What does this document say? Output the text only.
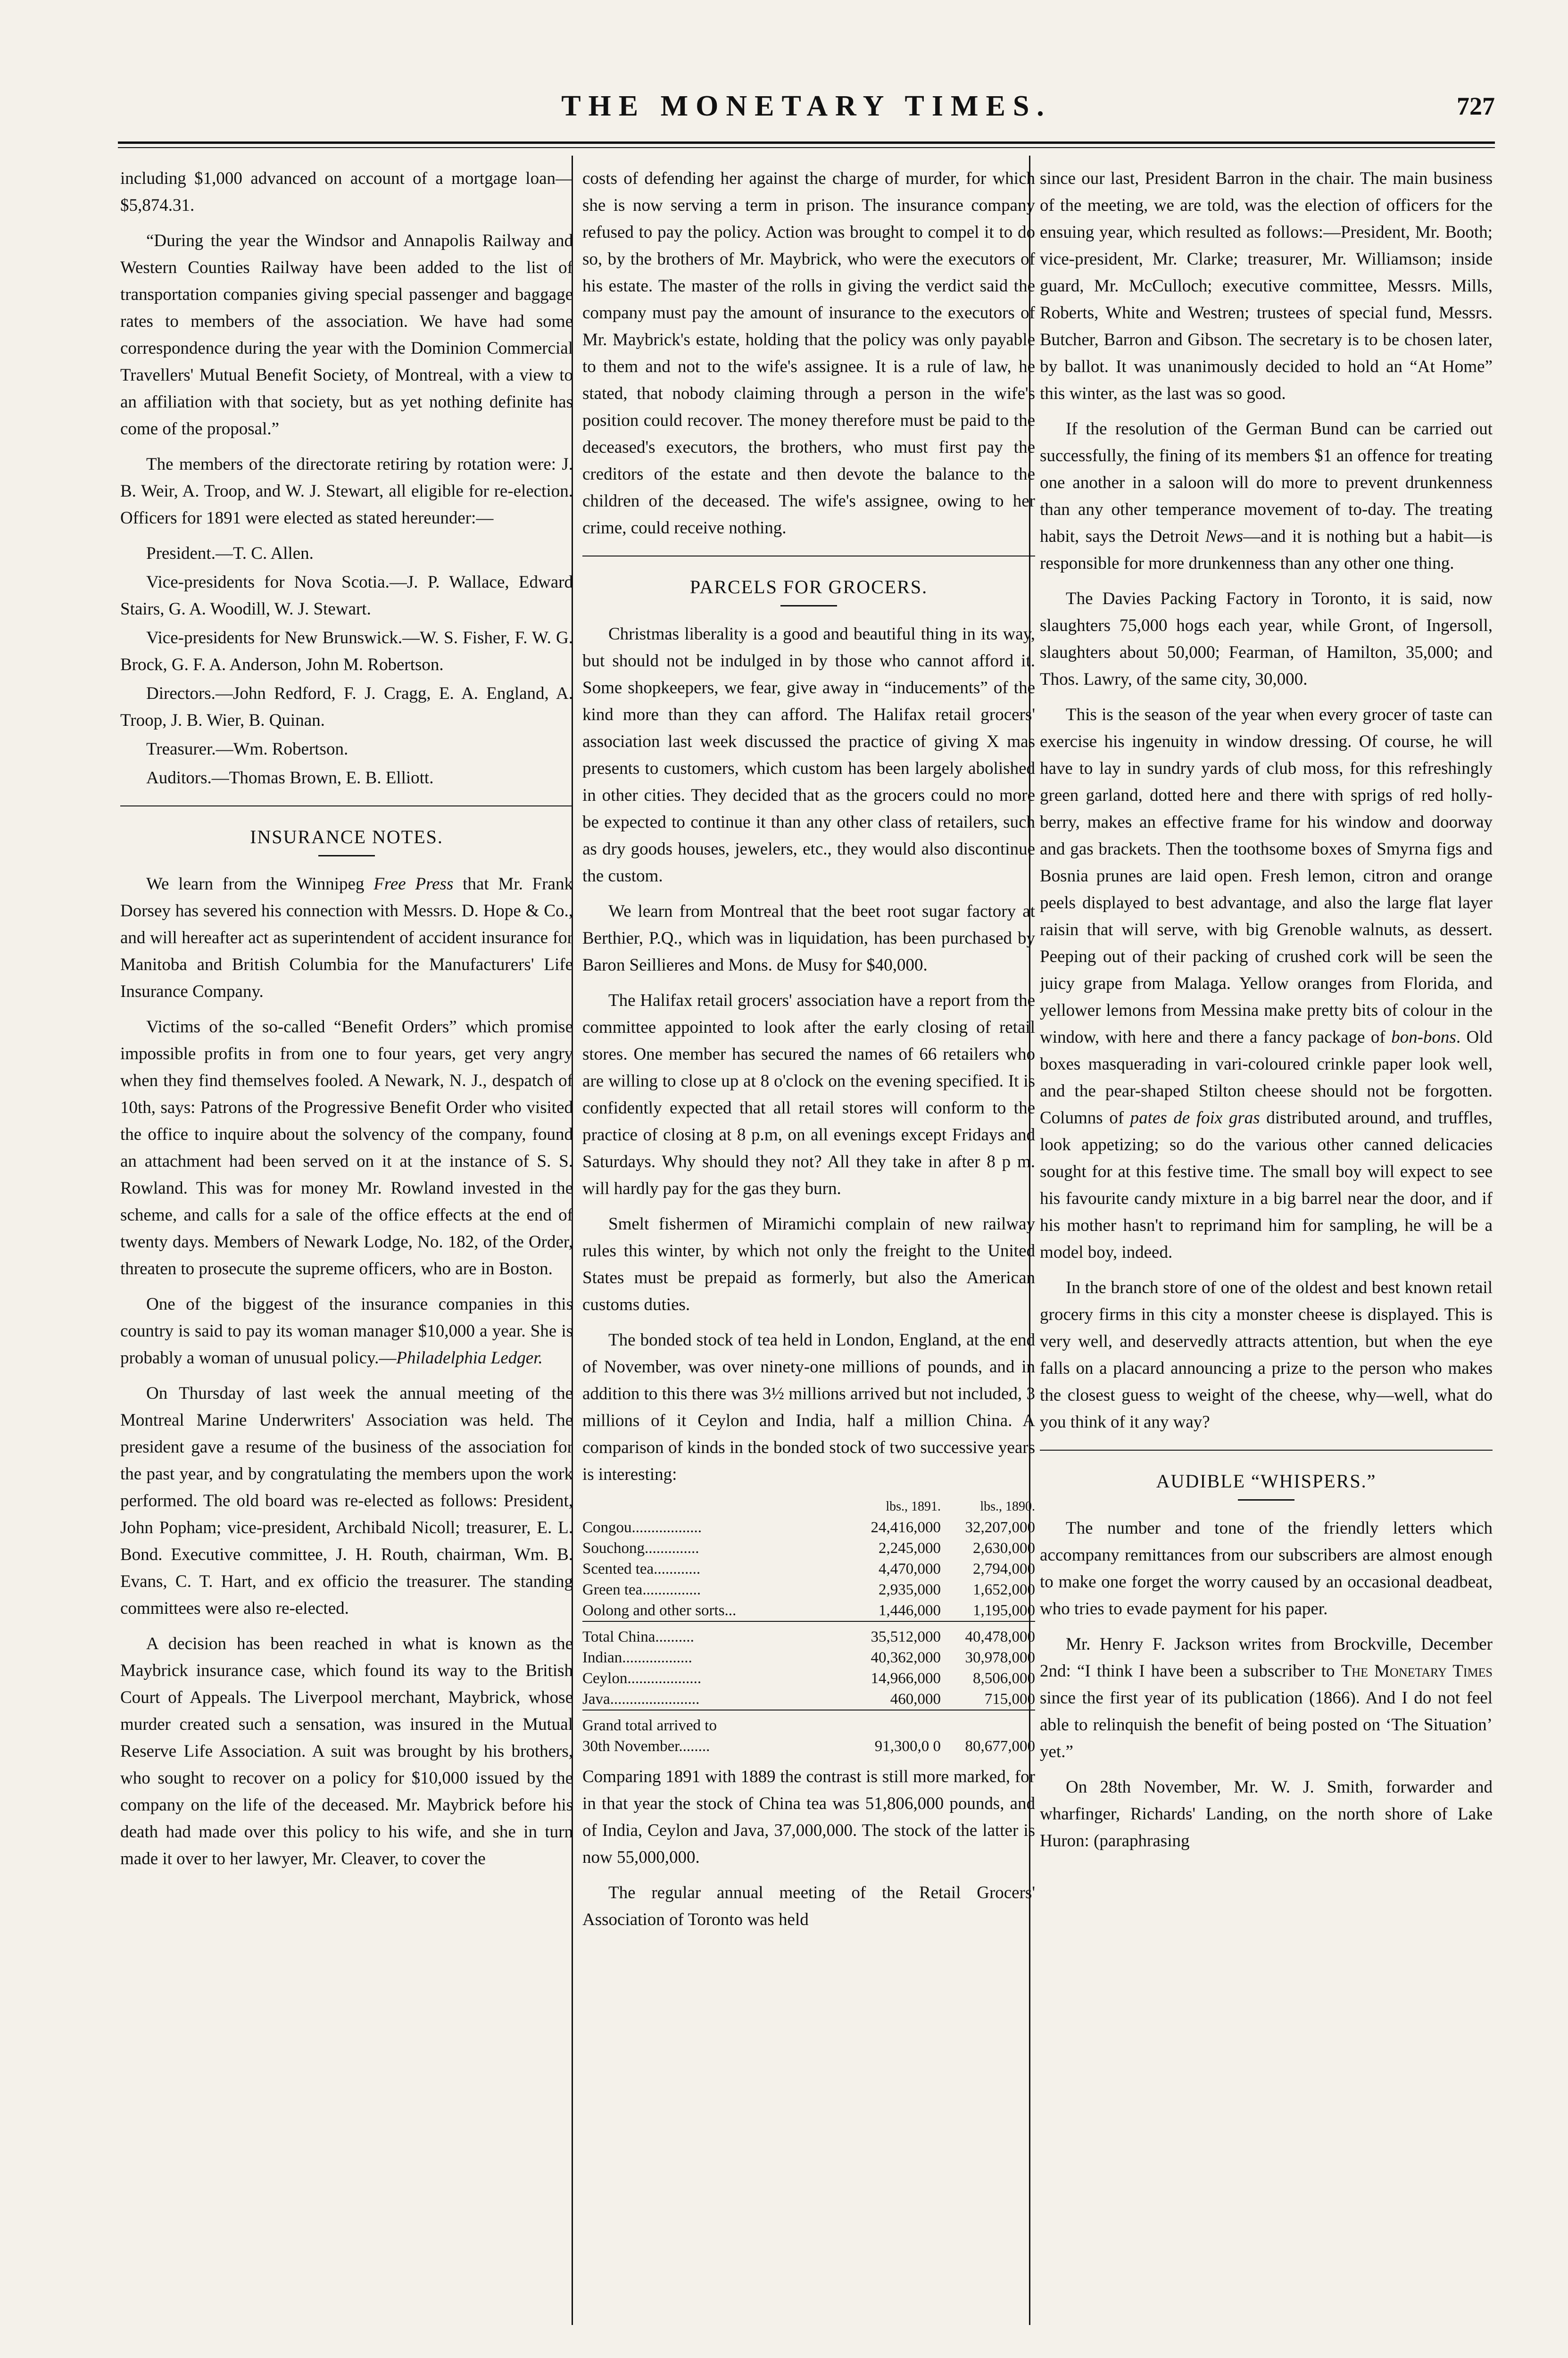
THE MONETARY TIMES.	727

including $1,000 advanced on account of a mortgage loan—$5,874.31.

“During the year the Windsor and Annapolis Railway and Western Counties Railway have been added to the list of transportation companies giving special passenger and baggage rates to members of the association. We have had some correspondence during the year with the Dominion Commercial Travellers' Mutual Benefit Society, of Montreal, with a view to an affiliation with that society, but as yet nothing definite has come of the proposal.”

The members of the directorate retiring by rotation were: J. B. Weir, A. Troop, and W. J. Stewart, all eligible for re-election. Officers for 1891 were elected as stated hereunder:—

President.—T. C. Allen.

Vice-presidents for Nova Scotia.—J. P. Wallace, Edward Stairs, G. A. Woodill, W. J. Stewart.

Vice-presidents for New Brunswick.—W. S. Fisher, F. W. G. Brock, G. F. A. Anderson, John M. Robertson.

Directors.—John Redford, F. J. Cragg, E. A. England, A. Troop, J. B. Wier, B. Quinan.

Treasurer.—Wm. Robertson.

Auditors.—Thomas Brown, E. B. Elliott.

INSURANCE NOTES.

We learn from the Winnipeg Free Press that Mr. Frank Dorsey has severed his connection with Messrs. D. Hope & Co., and will hereafter act as superintendent of accident insurance for Manitoba and British Columbia for the Manufacturers' Life Insurance Company.

Victims of the so-called “Benefit Orders” which promise impossible profits in from one to four years, get very angry when they find themselves fooled. A Newark, N. J., despatch of 10th, says: Patrons of the Progressive Benefit Order who visited the office to inquire about the solvency of the company, found an attachment had been served on it at the instance of S. S. Rowland. This was for money Mr. Rowland invested in the scheme, and calls for a sale of the office effects at the end of twenty days. Members of Newark Lodge, No. 182, of the Order, threaten to prosecute the supreme officers, who are in Boston.

One of the biggest of the insurance companies in this country is said to pay its woman manager $10,000 a year. She is probably a woman of unusual policy.—Philadelphia Ledger.

On Thursday of last week the annual meeting of the Montreal Marine Underwriters' Association was held. The president gave a resume of the business of the association for the past year, and by congratulating the members upon the work performed. The old board was re-elected as follows: President, John Popham; vice-president, Archibald Nicoll; treasurer, E. L. Bond. Executive committee, J. H. Routh, chairman, Wm. B. Evans, C. T. Hart, and ex officio the treasurer. The standing committees were also re-elected.

A decision has been reached in what is known as the Maybrick insurance case, which found its way to the British Court of Appeals. The Liverpool merchant, Maybrick, whose murder created such a sensation, was insured in the Mutual Reserve Life Association. A suit was brought by his brothers, who sought to recover on a policy for $10,000 issued by the company on the life of the deceased. Mr. Maybrick before his death had made over this policy to his wife, and she in turn made it over to her lawyer, Mr. Cleaver, to cover the

costs of defending her against the charge of murder, for which she is now serving a term in prison. The insurance company refused to pay the policy. Action was brought to compel it to do so, by the brothers of Mr. Maybrick, who were the executors of his estate. The master of the rolls in giving the verdict said the company must pay the amount of insurance to the executors of Mr. Maybrick's estate, holding that the policy was only payable to them and not to the wife's assignee. It is a rule of law, he stated, that nobody claiming through a person in the wife's position could recover. The money therefore must be paid to the deceased's executors, the brothers, who must first pay the creditors of the estate and then devote the balance to the children of the deceased. The wife's assignee, owing to her crime, could receive nothing.

PARCELS FOR GROCERS.

Christmas liberality is a good and beautiful thing in its way, but should not be indulged in by those who cannot afford it. Some shopkeepers, we fear, give away in “inducements” of the kind more than they can afford. The Halifax retail grocers' association last week discussed the practice of giving X mas presents to customers, which custom has been largely abolished in other cities. They decided that as the grocers could no more be expected to continue it than any other class of retailers, such as dry goods houses, jewelers, etc., they would also discontinue the custom.

We learn from Montreal that the beet root sugar factory at Berthier, P.Q., which was in liquidation, has been purchased by Baron Seillieres and Mons. de Musy for $40,000.

The Halifax retail grocers' association have a report from the committee appointed to look after the early closing of retail stores. One member has secured the names of 66 retailers who are willing to close up at 8 o'clock on the evening specified. It is confidently expected that all retail stores will conform to the practice of closing at 8 p.m, on all evenings except Fridays and Saturdays. Why should they not? All they take in after 8 p m. will hardly pay for the gas they burn.

Smelt fishermen of Miramichi complain of new railway rules this winter, by which not only the freight to the United States must be prepaid as formerly, but also the American customs duties.

The bonded stock of tea held in London, England, at the end of November, was over ninety-one millions of pounds, and in addition to this there was 3½ millions arrived but not included, 3 millions of it Ceylon and India, half a million China. A comparison of kinds in the bonded stock of two successive years is interesting:

	lbs., 1891.	lbs., 1890.
Congou..................	24,416,000	32,207,000
Souchong..............	2,245,000	2,630,000
Scented tea............	4,470,000	2,794,000
Green tea...............	2,935,000	1,652,000
Oolong and other sorts...	1,446,000	1,195,000

Total China..........	35,512,000	40,478,000
Indian..................	40,362,000	30,978,000
Ceylon...................	14,966,000	8,506,000
Java.......................	460,000	715,000

Grand total arrived to		
30th November........	91,300,0 0	80,677,000

Comparing 1891 with 1889 the contrast is still more marked, for in that year the stock of China tea was 51,806,000 pounds, and of India, Ceylon and Java, 37,000,000. The stock of the latter is now 55,000,000.

The regular annual meeting of the Retail Grocers' Association of Toronto was held

since our last, President Barron in the chair. The main business of the meeting, we are told, was the election of officers for the ensuing year, which resulted as follows:—President, Mr. Booth; vice-president, Mr. Clarke; treasurer, Mr. Williamson; inside guard, Mr. McCulloch; executive committee, Messrs. Mills, Roberts, White and Westren; trustees of special fund, Messrs. Butcher, Barron and Gibson. The secretary is to be chosen later, by ballot. It was unanimously decided to hold an “At Home” this winter, as the last was so good.

If the resolution of the German Bund can be carried out successfully, the fining of its members $1 an offence for treating one another in a saloon will do more to prevent drunkenness than any other temperance movement of to-day. The treating habit, says the Detroit News—and it is nothing but a habit—is responsible for more drunkenness than any other one thing.

The Davies Packing Factory in Toronto, it is said, now slaughters 75,000 hogs each year, while Gront, of Ingersoll, slaughters about 50,000; Fearman, of Hamilton, 35,000; and Thos. Lawry, of the same city, 30,000.

This is the season of the year when every grocer of taste can exercise his ingenuity in window dressing. Of course, he will have to lay in sundry yards of club moss, for this refreshingly green garland, dotted here and there with sprigs of red holly-berry, makes an effective frame for his window and doorway and gas brackets. Then the toothsome boxes of Smyrna figs and Bosnia prunes are laid open. Fresh lemon, citron and orange peels displayed to best advantage, and also the large flat layer raisin that will serve, with big Grenoble walnuts, as dessert. Peeping out of their packing of crushed cork will be seen the juicy grape from Malaga. Yellow oranges from Florida, and yellower lemons from Messina make pretty bits of colour in the window, with here and there a fancy package of bon-bons. Old boxes masquerading in vari-coloured crinkle paper look well, and the pear-shaped Stilton cheese should not be forgotten. Columns of pates de foix gras distributed around, and truffles, look appetizing; so do the various other canned delicacies sought for at this festive time. The small boy will expect to see his favourite candy mixture in a big barrel near the door, and if his mother hasn't to reprimand him for sampling, he will be a model boy, indeed.

In the branch store of one of the oldest and best known retail grocery firms in this city a monster cheese is displayed. This is very well, and deservedly attracts attention, but when the eye falls on a placard announcing a prize to the person who makes the closest guess to weight of the cheese, why—well, what do you think of it any way?

AUDIBLE “WHISPERS.”

The number and tone of the friendly letters which accompany remittances from our subscribers are almost enough to make one forget the worry caused by an occasional deadbeat, who tries to evade payment for his paper.

Mr. Henry F. Jackson writes from Brockville, December 2nd: “I think I have been a subscriber to The Monetary Times since the first year of its publication (1866). And I do not feel able to relinquish the benefit of being posted on ‘The Situation’ yet.”

On 28th November, Mr. W. J. Smith, forwarder and wharfinger, Richards' Landing, on the north shore of Lake Huron: (paraphrasing
